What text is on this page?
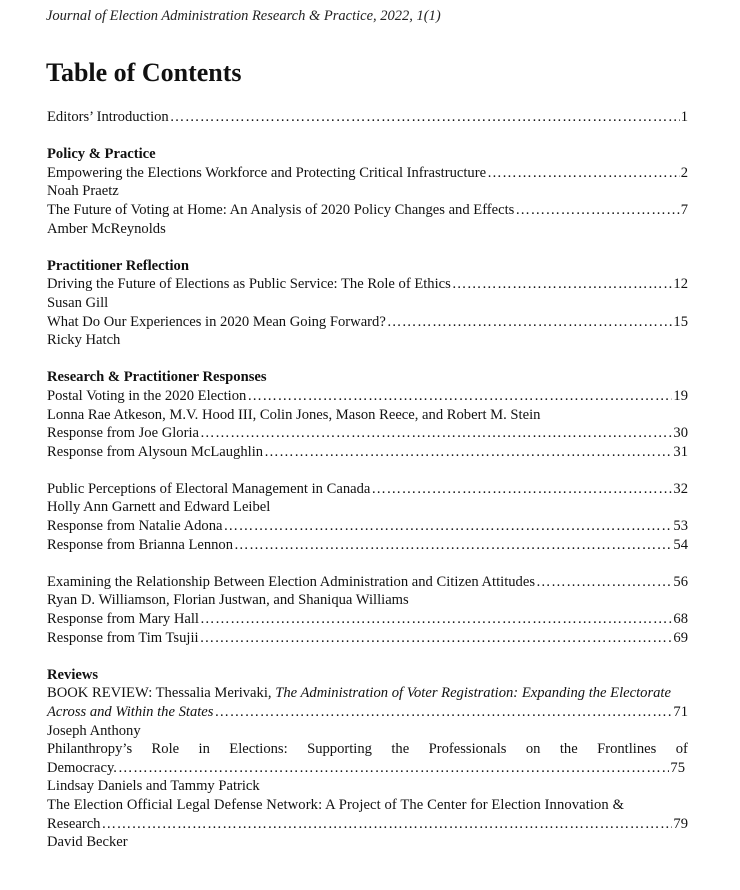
Journal of Election Administration Research & Practice, 2022, 1(1)
Table of Contents
Editors’ Introduction …………………………………………………………………………………………………………………………………………………………………………………………	1
Policy & Practice
Empowering the Elections Workforce and Protecting Critical Infrastructure …………………………………………………………………………………………………………………………………………………………………………………………	2
Noah Praetz
The Future of Voting at Home: An Analysis of 2020 Policy Changes and Effects …………………………………………………………………………………………………………………………………………………………………………………………	7
Amber McReynolds
Practitioner Reflection
Driving the Future of Elections as Public Service: The Role of Ethics …………………………………………………………………………………………………………………………………………………………………………………………	12
Susan Gill
What Do Our Experiences in 2020 Mean Going Forward? …………………………………………………………………………………………………………………………………………………………………………………………	15
Ricky Hatch
Research & Practitioner Responses
Postal Voting in the 2020 Election …………………………………………………………………………………………………………………………………………………………………………………………	19
Lonna Rae Atkeson, M.V. Hood III, Colin Jones, Mason Reece, and Robert M. Stein
Response from Joe Gloria …………………………………………………………………………………………………………………………………………………………………………………………	30
Response from Alysoun McLaughlin …………………………………………………………………………………………………………………………………………………………………………………………	31
Public Perceptions of Electoral Management in Canada …………………………………………………………………………………………………………………………………………………………………………………………	32
Holly Ann Garnett and Edward Leibel
Response from Natalie Adona …………………………………………………………………………………………………………………………………………………………………………………………	53
Response from Brianna Lennon …………………………………………………………………………………………………………………………………………………………………………………………	54
Examining the Relationship Between Election Administration and Citizen Attitudes …………………………………………………………………………………………………………………………………………………………………………………………	56
Ryan D. Williamson, Florian Justwan, and Shaniqua Williams
Response from Mary Hall …………………………………………………………………………………………………………………………………………………………………………………………	68
Response from Tim Tsujii …………………………………………………………………………………………………………………………………………………………………………………………	69
Reviews
BOOK REVIEW: Thessalia Merivaki, The Administration of Voter Registration: Expanding the Electorate
Across and Within the States …………………………………………………………………………………………………………………………………………………………………………………………	71
Joseph Anthony
Philanthropy’s Role in Elections: Supporting the Professionals on the Frontlines of
Democracy. …………………………………………………………………………………………………………………………………………………………………………………………	75
Lindsay Daniels and Tammy Patrick
The Election Official Legal Defense Network: A Project of The Center for Election Innovation &
Research …………………………………………………………………………………………………………………………………………………………………………………………	79
David Becker
